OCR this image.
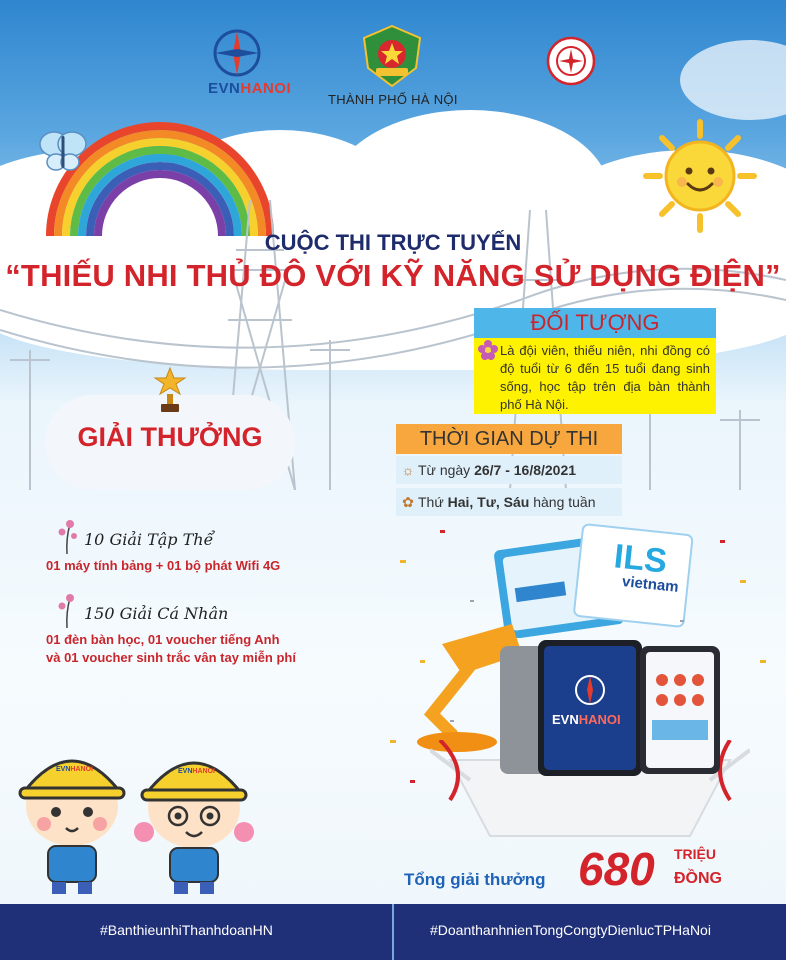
EVNHANOI
THÀNH PHỐ HÀ NỘI
CUỘC THI TRỰC TUYẾN
“THIẾU NHI THỦ ĐÔ VỚI KỸ NĂNG SỬ DỤNG ĐIỆN”
ĐỐI TƯỢNG
Là đội viên, thiếu niên, nhi đồng có độ tuổi từ 6 đến 15 tuổi đang sinh sống, học tập trên địa bàn thành phố Hà Nội.
THỜI GIAN DỰ THI
☼ Từ ngày 26/7 - 16/8/2021
✿ Thứ Hai, Tư, Sáu hàng tuần
GIẢI THƯỞNG
10 Giải Tập Thể
01 máy tính bảng + 01 bộ phát Wifi 4G
150 Giải Cá Nhân
01 đèn bàn học, 01 voucher tiếng Anh
và 01 voucher sinh trắc vân tay miễn phí
ILS
vietnam
EVNHANOI
EVNHANOI	EVNHANOI
Tổng giải thưởng 680 TRIỆU
ĐỒNG
#BanthieunhiThanhdoanHN	#DoanthanhnienTongCongtyDienlucTPHaNoi
